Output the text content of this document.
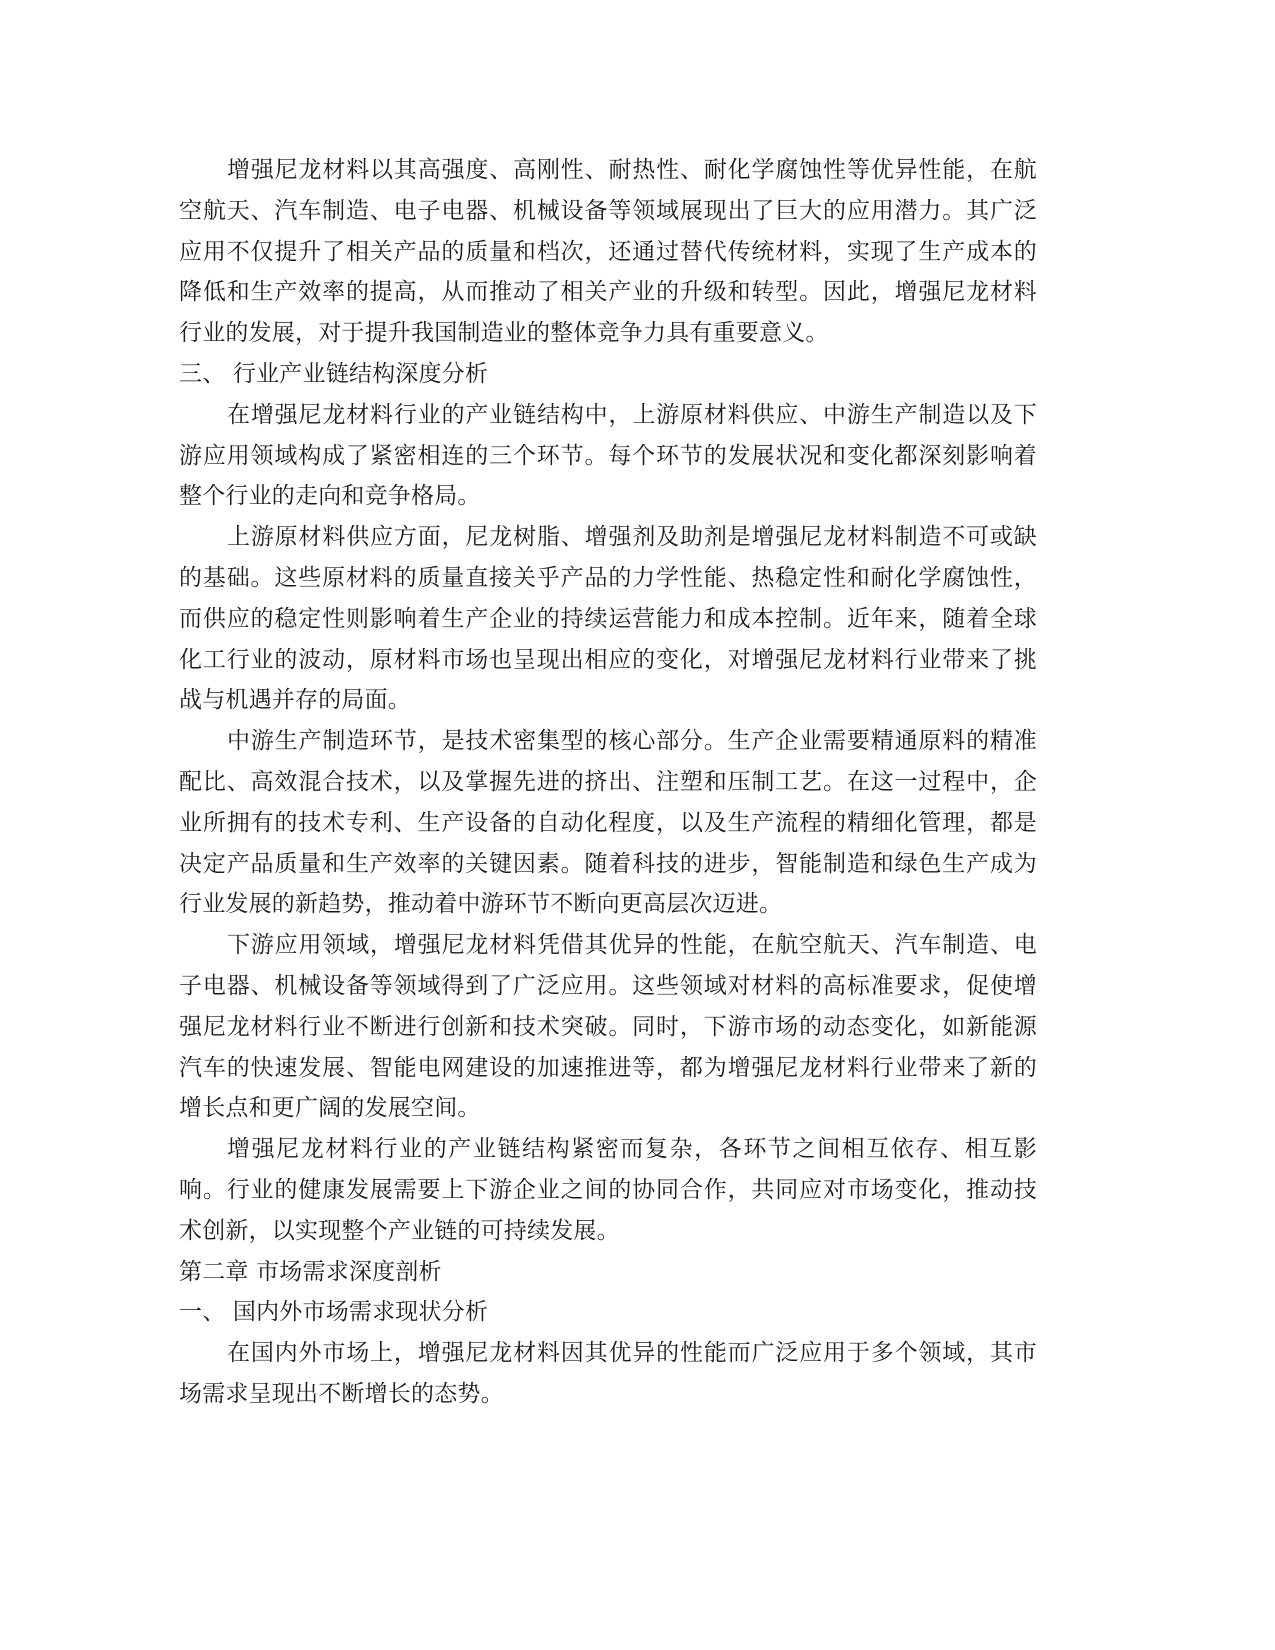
增强尼龙材料以其高强度、高刚性、耐热性、耐化学腐蚀性等优异性能，在航空航天、汽车制造、电子电器、机械设备等领域展现出了巨大的应用潜力。其广泛应用不仅提升了相关产品的质量和档次，还通过替代传统材料，实现了生产成本的降低和生产效率的提高，从而推动了相关产业的升级和转型。因此，增强尼龙材料行业的发展，对于提升我国制造业的整体竞争力具有重要意义。

三、 行业产业链结构深度分析

在增强尼龙材料行业的产业链结构中，上游原材料供应、中游生产制造以及下游应用领域构成了紧密相连的三个环节。每个环节的发展状况和变化都深刻影响着整个行业的走向和竞争格局。

上游原材料供应方面，尼龙树脂、增强剂及助剂是增强尼龙材料制造不可或缺的基础。这些原材料的质量直接关乎产品的力学性能、热稳定性和耐化学腐蚀性，而供应的稳定性则影响着生产企业的持续运营能力和成本控制。近年来，随着全球化工行业的波动，原材料市场也呈现出相应的变化，对增强尼龙材料行业带来了挑战与机遇并存的局面。

中游生产制造环节，是技术密集型的核心部分。生产企业需要精通原料的精准配比、高效混合技术，以及掌握先进的挤出、注塑和压制工艺。在这一过程中，企业所拥有的技术专利、生产设备的自动化程度，以及生产流程的精细化管理，都是决定产品质量和生产效率的关键因素。随着科技的进步，智能制造和绿色生产成为行业发展的新趋势，推动着中游环节不断向更高层次迈进。

下游应用领域，增强尼龙材料凭借其优异的性能，在航空航天、汽车制造、电子电器、机械设备等领域得到了广泛应用。这些领域对材料的高标准要求，促使增强尼龙材料行业不断进行创新和技术突破。同时，下游市场的动态变化，如新能源汽车的快速发展、智能电网建设的加速推进等，都为增强尼龙材料行业带来了新的增长点和更广阔的发展空间。

增强尼龙材料行业的产业链结构紧密而复杂，各环节之间相互依存、相互影响。行业的健康发展需要上下游企业之间的协同合作，共同应对市场变化，推动技术创新，以实现整个产业链的可持续发展。

第二章 市场需求深度剖析

一、 国内外市场需求现状分析

在国内外市场上，增强尼龙材料因其优异的性能而广泛应用于多个领域，其市场需求呈现出不断增长的态势。
